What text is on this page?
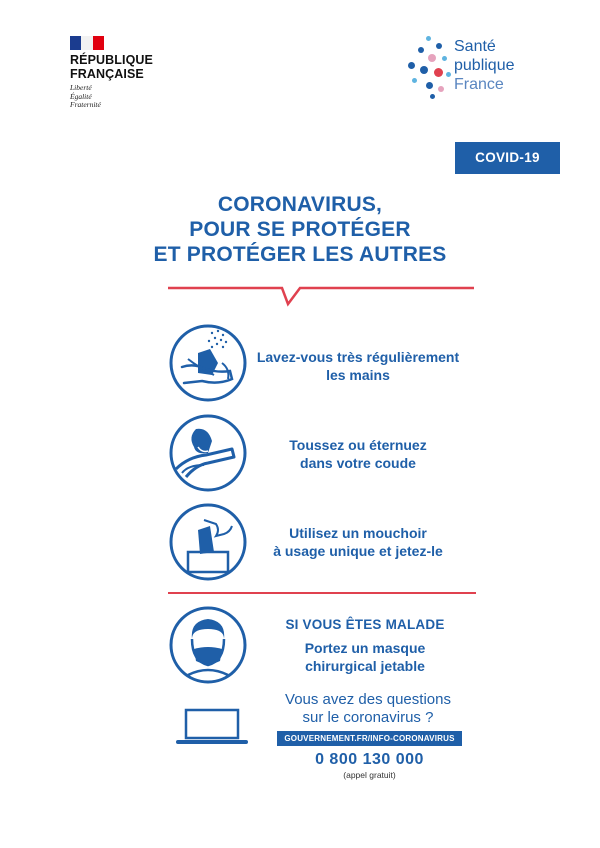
RÉPUBLIQUE
FRANÇAISE
Liberté
Égalité
Fraternité
Santé
publique
France
COVID-19
CORONAVIRUS,
POUR SE PROTÉGER
ET PROTÉGER LES AUTRES
Lavez-vous très régulièrement
les mains
Toussez ou éternuez
dans votre coude
Utilisez un mouchoir
à usage unique et jetez-le
SI VOUS ÊTES MALADE
Portez un masque
chirurgical jetable
Vous avez des questions
sur le coronavirus ?
GOUVERNEMENT.FR/INFO-CORONAVIRUS
0 800 130 000
(appel gratuit)
